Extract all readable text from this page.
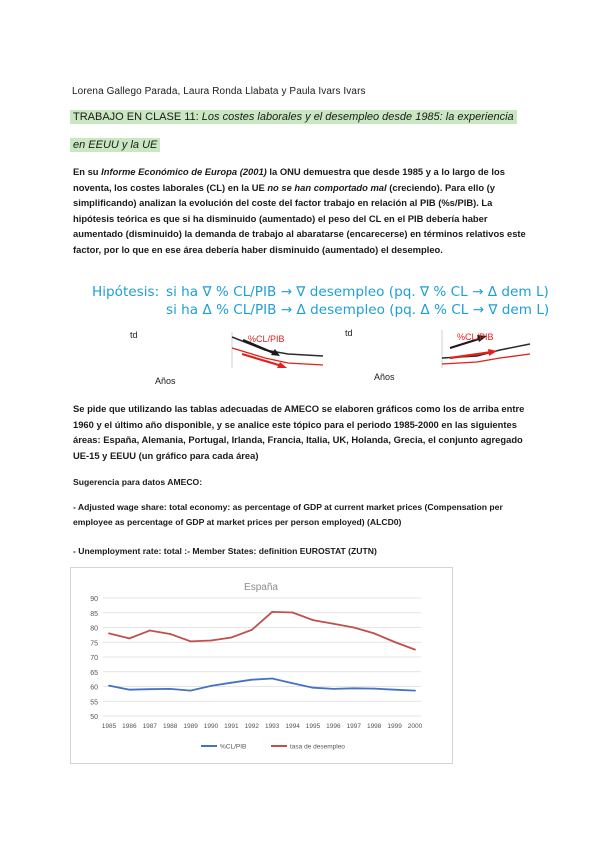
Lorena Gallego Parada, Laura Ronda Llabata y Paula Ivars Ivars
TRABAJO EN CLASE 11: Los costes laborales y el desempleo desde 1985: la experiencia
en EEUU y la UE
En su Informe Económico de Europa (2001) la ONU demuestra que desde 1985 y a lo largo de los noventa, los costes laborales (CL) en la UE no se han comportado mal (creciendo). Para ello (y simplificando) analizan la evolución del coste del factor trabajo en relación al PIB (%s/PIB). La hipótesis teórica es que si ha disminuido (aumentado) el peso del CL en el PIB debería haber aumentado (disminuido) la demanda de trabajo al abaratarse (encarecerse) en términos relativos este factor, por lo que en ese área debería haber disminuido (aumentado) el desempleo.
Hipótesis: si ha ∇ % CL/PIB → ∇ desempleo (pq. ∇ % CL → Δ dem L)
si ha Δ % CL/PIB → Δ desempleo (pq. Δ % CL → ∇ dem L)
td	%CL/PIB
Años
td	%CL/PIB
Años
Se pide que utilizando las tablas adecuadas de AMECO se elaboren gráficos como los de arriba entre 1960 y el último año disponible, y se analice este tópico para el periodo 1985-2000 en las siguientes áreas: España, Alemania, Portugal, Irlanda, Francia, Italia, UK, Holanda, Grecia, el conjunto agregado UE-15 y EEUU (un gráfico para cada área)
Sugerencia para datos AMECO:
- Adjusted wage share: total economy: as percentage of GDP at current market prices (Compensation per employee as percentage of GDP at market prices per person employed) (ALCD0)
- Unemployment rate: total :- Member States: definition EUROSTAT (ZUTN)
España
50
55
60
65
70
75
80
85
90
1985 1986 1987 1988 1989 1990 1991 1992 1993 1994 1995 1996 1997 1998 1999 2000
%CL/PIB	tasa de desempleo
